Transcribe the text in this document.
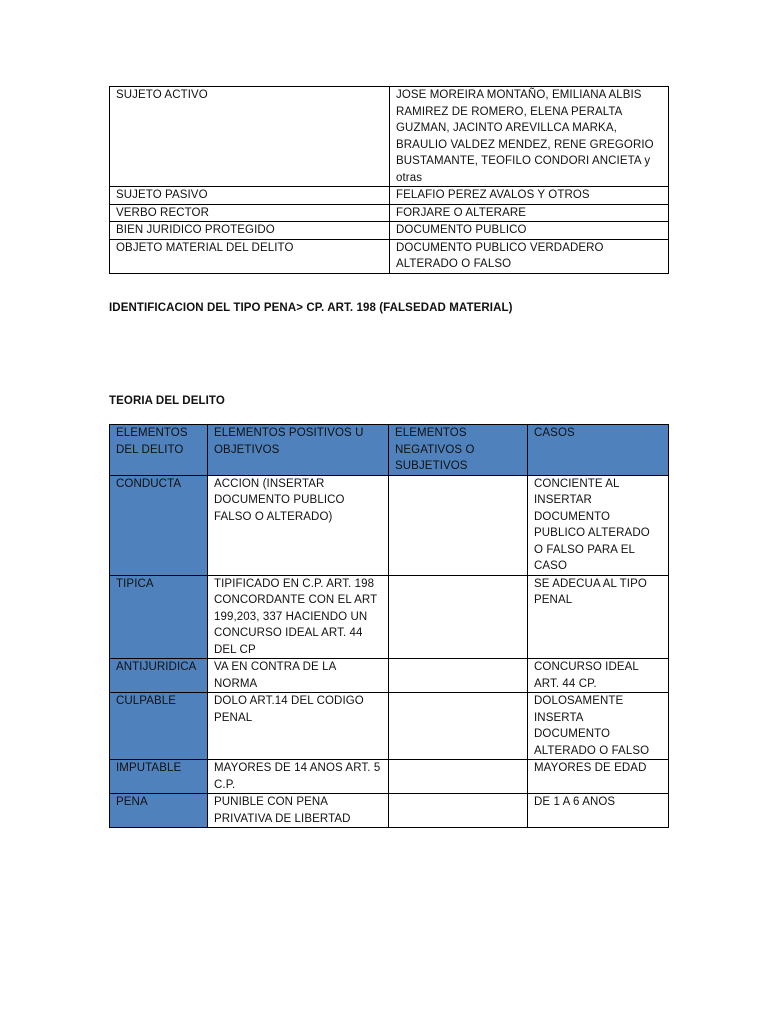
SUJETO ACTIVO	JOSE MOREIRA MONTAÑO, EMILIANA ALBIS RAMIREZ DE ROMERO, ELENA PERALTA GUZMAN, JACINTO AREVILLCA MARKA, BRAULIO VALDEZ MENDEZ, RENE GREGORIO BUSTAMANTE, TEOFILO CONDORI ANCIETA y otras
SUJETO PASIVO	FELAFIO PEREZ AVALOS Y OTROS
VERBO RECTOR	FORJARE O ALTERARE
BIEN JURIDICO PROTEGIDO	DOCUMENTO PUBLICO
OBJETO MATERIAL DEL DELITO	DOCUMENTO PUBLICO VERDADERO ALTERADO O FALSO
IDENTIFICACION DEL TIPO PENA> CP. ART. 198 (FALSEDAD MATERIAL)
TEORIA DEL DELITO
ELEMENTOS DEL DELITO	ELEMENTOS POSITIVOS U OBJETIVOS	ELEMENTOS NEGATIVOS O SUBJETIVOS	CASOS
CONDUCTA	ACCION (INSERTAR DOCUMENTO PUBLICO FALSO O ALTERADO)		CONCIENTE AL INSERTAR DOCUMENTO PUBLICO ALTERADO O FALSO PARA EL CASO
TIPICA	TIPIFICADO EN C.P. ART. 198 CONCORDANTE CON EL ART 199,203, 337 HACIENDO UN CONCURSO IDEAL ART. 44 DEL CP		SE ADECUA AL TIPO PENAL
ANTIJURIDICA	VA EN CONTRA DE LA NORMA		CONCURSO IDEAL ART. 44 CP.
CULPABLE	DOLO ART.14 DEL CODIGO PENAL		DOLOSAMENTE INSERTA DOCUMENTO ALTERADO O FALSO
IMPUTABLE	MAYORES DE 14 ANOS ART. 5 C.P.		MAYORES DE EDAD
PENA	PUNIBLE CON PENA PRIVATIVA DE LIBERTAD		DE 1 A 6 ANOS
